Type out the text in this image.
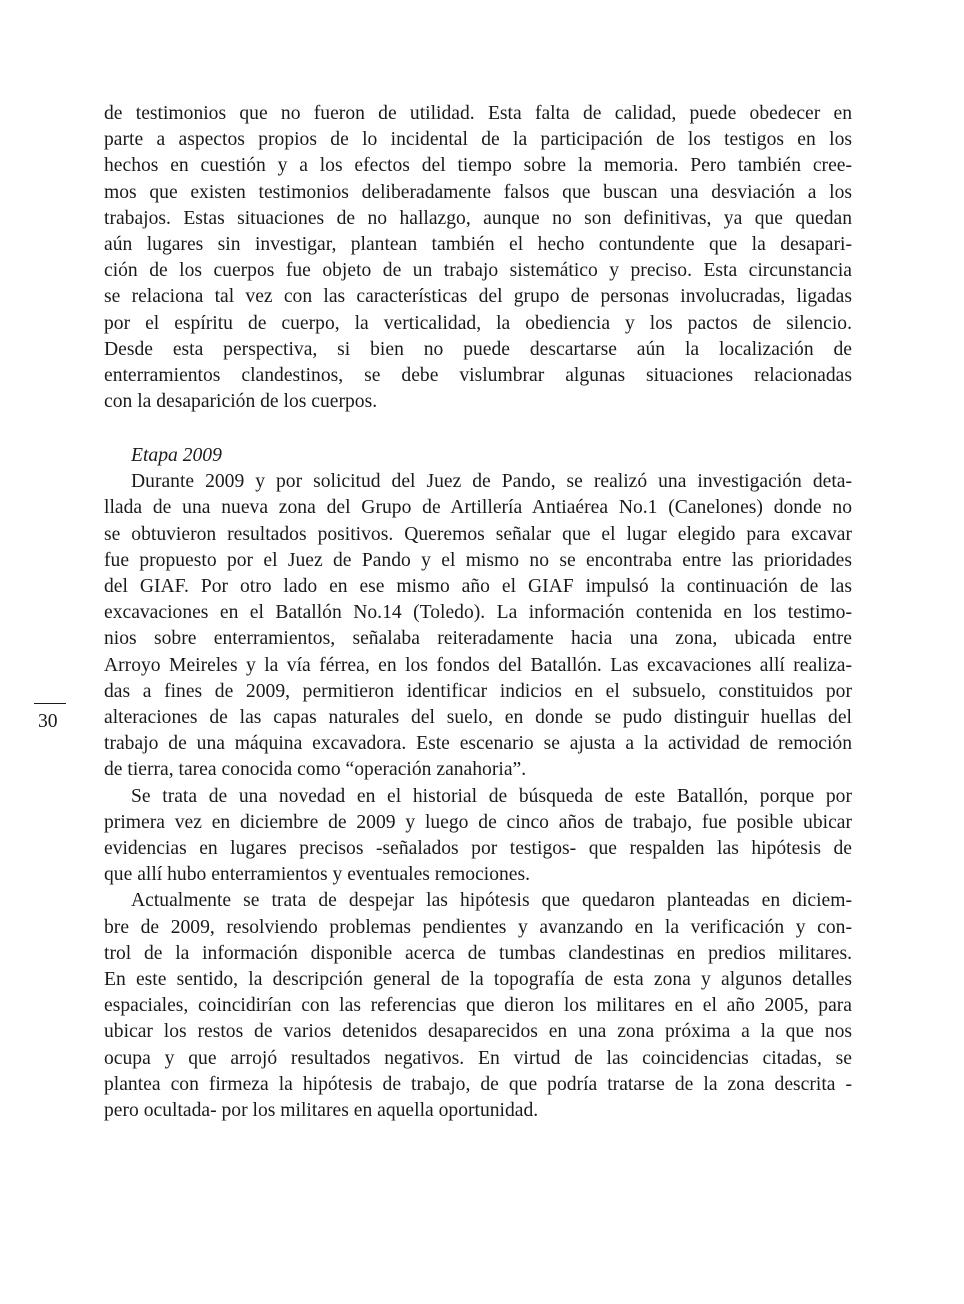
de testimonios que no fueron de utilidad. Esta falta de calidad, puede obedecer en
parte a aspectos propios de lo incidental de la participación de los testigos en los
hechos en cuestión y a los efectos del tiempo sobre la memoria. Pero también cree-
mos que existen testimonios deliberadamente falsos que buscan una desviación a los
trabajos. Estas situaciones de no hallazgo, aunque no son definitivas, ya que quedan
aún lugares sin investigar, plantean también el hecho contundente que la desapari-
ción de los cuerpos fue objeto de un trabajo sistemático y preciso. Esta circunstancia
se relaciona tal vez con las características del grupo de personas involucradas, ligadas
por el espíritu de cuerpo, la verticalidad, la obediencia y los pactos de silencio.
Desde esta perspectiva, si bien no puede descartarse aún la localización de
enterramientos clandestinos, se debe vislumbrar algunas situaciones relacionadas
con la desaparición de los cuerpos.
Etapa 2009
Durante 2009 y por solicitud del Juez de Pando, se realizó una investigación deta-
llada de una nueva zona del Grupo de Artillería Antiaérea No.1 (Canelones) donde no
se obtuvieron resultados positivos. Queremos señalar que el lugar elegido para excavar
fue propuesto por el Juez de Pando y el mismo no se encontraba entre las prioridades
del GIAF. Por otro lado en ese mismo año el GIAF impulsó la continuación de las
excavaciones en el Batallón No.14 (Toledo). La información contenida en los testimo-
nios sobre enterramientos, señalaba reiteradamente hacia una zona, ubicada entre
Arroyo Meireles y la vía férrea, en los fondos del Batallón. Las excavaciones allí realiza-
das a fines de 2009, permitieron identificar indicios en el subsuelo, constituidos por
alteraciones de las capas naturales del suelo, en donde se pudo distinguir huellas del
trabajo de una máquina excavadora. Este escenario se ajusta a la actividad de remoción
de tierra, tarea conocida como “operación zanahoria”.
Se trata de una novedad en el historial de búsqueda de este Batallón, porque por
primera vez en diciembre de 2009 y luego de cinco años de trabajo, fue posible ubicar
evidencias en lugares precisos -señalados por testigos- que respalden las hipótesis de
que allí hubo enterramientos y eventuales remociones.
Actualmente se trata de despejar las hipótesis que quedaron planteadas en diciem-
bre de 2009, resolviendo problemas pendientes y avanzando en la verificación y con-
trol de la información disponible acerca de tumbas clandestinas en predios militares.
En este sentido, la descripción general de la topografía de esta zona y algunos detalles
espaciales, coincidirían con las referencias que dieron los militares en el año 2005, para
ubicar los restos de varios detenidos desaparecidos en una zona próxima a la que nos
ocupa y que arrojó resultados negativos. En virtud de las coincidencias citadas, se
plantea con firmeza la hipótesis de trabajo, de que podría tratarse de la zona descrita -
pero ocultada- por los militares en aquella oportunidad.
30
